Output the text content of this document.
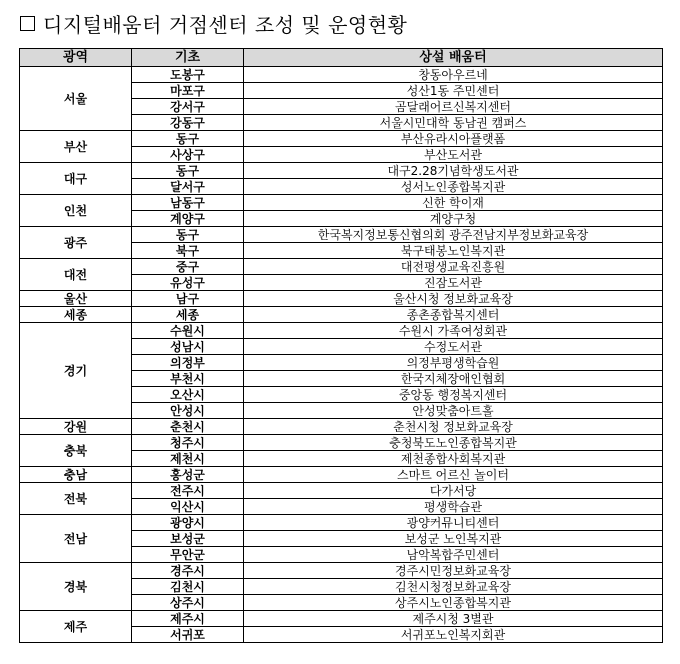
디지털배움터 거점센터 조성 및 운영현황
광역	기초	상설 배움터
서울	도봉구	창동아우르네
	마포구	성산1동 주민센터
	강서구	곰달래어르신복지센터
	강동구	서울시민대학 동남권 캠퍼스
부산	동구	부산유라시아플랫폼
	사상구	부산도서관
대구	동구	대구2.28기념학생도서관
	달서구	성서노인종합복지관
인천	남동구	신한 학이재
	계양구	계양구청
광주	동구	한국복지정보통신협의회 광주전남지부정보화교육장
	북구	북구태봉노인복지관
대전	중구	대전평생교육진흥원
	유성구	진잠도서관
울산	남구	울산시청 정보화교육장
세종	세종	종촌종합복지센터
경기	수원시	수원시 가족여성회관
	성남시	수정도서관
	의정부	의정부평생학습원
	부천시	한국지체장애인협회
	오산시	중앙동 행정복지센터
	안성시	안성맞춤아트홀
강원	춘천시	춘천시청 정보화교육장
충북	청주시	충청북도노인종합복지관
	제천시	제천종합사회복지관
충남	홍성군	스마트 어르신 놀이터
전북	전주시	다가서당
	익산시	평생학습관
전남	광양시	광양커뮤니티센터
	보성군	보성군 노인복지관
	무안군	남악복합주민센터
경북	경주시	경주시민정보화교육장
	김천시	김천시청정보화교육장
	상주시	상주시노인종합복지관
제주	제주시	제주시청 3별관
	서귀포	서귀포노인복지회관
